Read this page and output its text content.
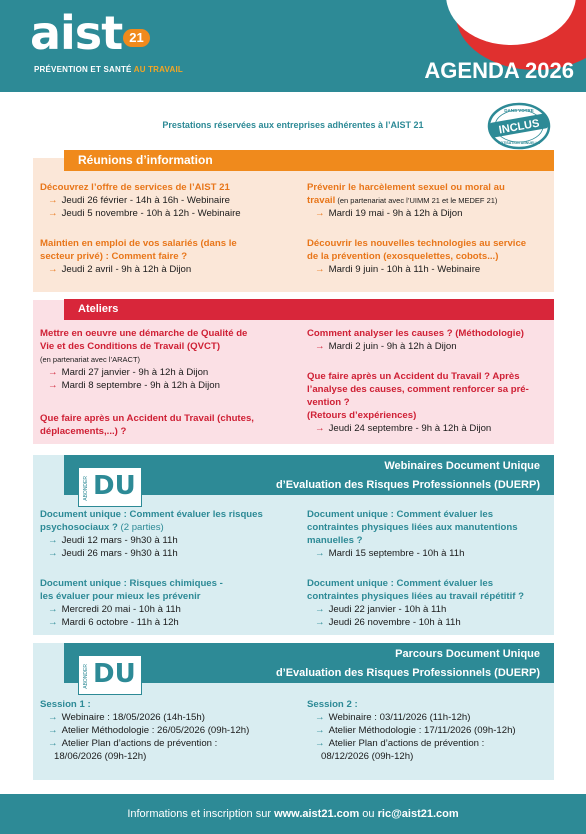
aist 21
PRÉVENTION ET SANTÉ AU TRAVAIL	AGENDA 2026
Prestations réservées aux entreprises adhérentes à l’AIST 21	INCLUS
DANS VOTRE
COTISATION ANNUELLE
Réunions d’information
Découvrez l’offre de services de l’AIST 21
→ Jeudi 26 février - 14h à 16h - Webinaire
→ Jeudi 5 novembre - 10h à 12h - Webinaire
Maintien en emploi de vos salariés (dans le
secteur privé) : Comment faire ?
→ Jeudi 2 avril - 9h à 12h à Dijon
Prévenir le harcèlement sexuel ou moral au
travail (en partenariat avec l’UIMM 21 et le MEDEF 21)
→ Mardi 19 mai - 9h à 12h à Dijon
Découvrir les nouvelles technologies au service
de la prévention (exosquelettes, cobots...)
→ Mardi 9 juin - 10h à 11h - Webinaire
Ateliers
Mettre en oeuvre une démarche de Qualité de
Vie et des Conditions de Travail (QVCT)
(en partenariat avec l’ARACT)
→ Mardi 27 janvier - 9h à 12h à Dijon
→ Mardi 8 septembre - 9h à 12h à Dijon
Que faire après un Accident du Travail (chutes,
déplacements,...) ?
Comment analyser les causes ? (Méthodologie)
→ Mardi 2 juin - 9h à 12h à Dijon
Que faire après un Accident du Travail ? Après
l’analyse des causes, comment renforcer sa pré-
vention ?
(Retours d’expériences)
→ Jeudi 24 septembre - 9h à 12h à Dijon
Webinaires Document Unique
d’Evaluation des Risques Professionnels (DUERP)
ABONDER DU
Document unique : Comment évaluer les risques
psychosociaux ? (2 parties)
→ Jeudi 12 mars - 9h30 à 11h
→ Jeudi 26 mars - 9h30 à 11h
Document unique : Risques chimiques -
les évaluer pour mieux les prévenir
→ Mercredi 20 mai - 10h à 11h
→ Mardi 6 octobre - 11h à 12h
Document unique : Comment évaluer les
contraintes physiques liées aux manutentions
manuelles ?
→ Mardi 15 septembre - 10h à 11h
Document unique : Comment évaluer les
contraintes physiques liées au travail répétitif ?
→ Jeudi 22 janvier - 10h à 11h
→ Jeudi 26 novembre - 10h à 11h
Parcours Document Unique
d’Evaluation des Risques Professionnels (DUERP)
ABONDER DU
Session 1 :
→ Webinaire : 18/05/2026 (14h-15h)
→ Atelier Méthodologie : 26/05/2026 (09h-12h)
→ Atelier Plan d’actions de prévention :
18/06/2026 (09h-12h)
Session 2 :
→ Webinaire : 03/11/2026 (11h-12h)
→ Atelier Méthodologie : 17/11/2026 (09h-12h)
→ Atelier Plan d’actions de prévention :
08/12/2026 (09h-12h)
Informations et inscription sur www.aist21.com ou ric@aist21.com
